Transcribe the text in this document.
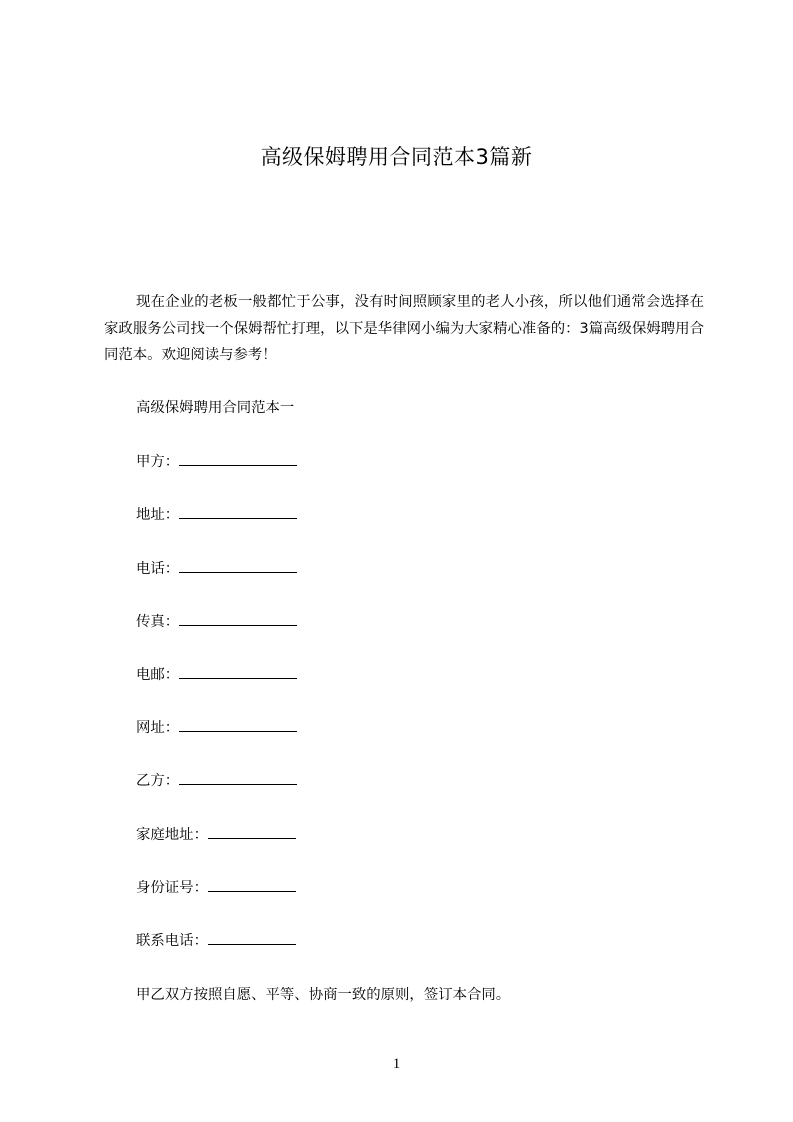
高级保姆聘用合同范本3篇新
现在企业的老板一般都忙于公事，没有时间照顾家里的老人小孩，所以他们通常会选择在家政服务公司找一个保姆帮忙打理，以下是华律网小编为大家精心准备的：3篇高级保姆聘用合同范本。欢迎阅读与参考！
高级保姆聘用合同范本一
甲方：
地址：
电话：
传真：
电邮：
网址：
乙方：
家庭地址：
身份证号：
联系电话：
甲乙双方按照自愿、平等、协商一致的原则，签订本合同。
1
